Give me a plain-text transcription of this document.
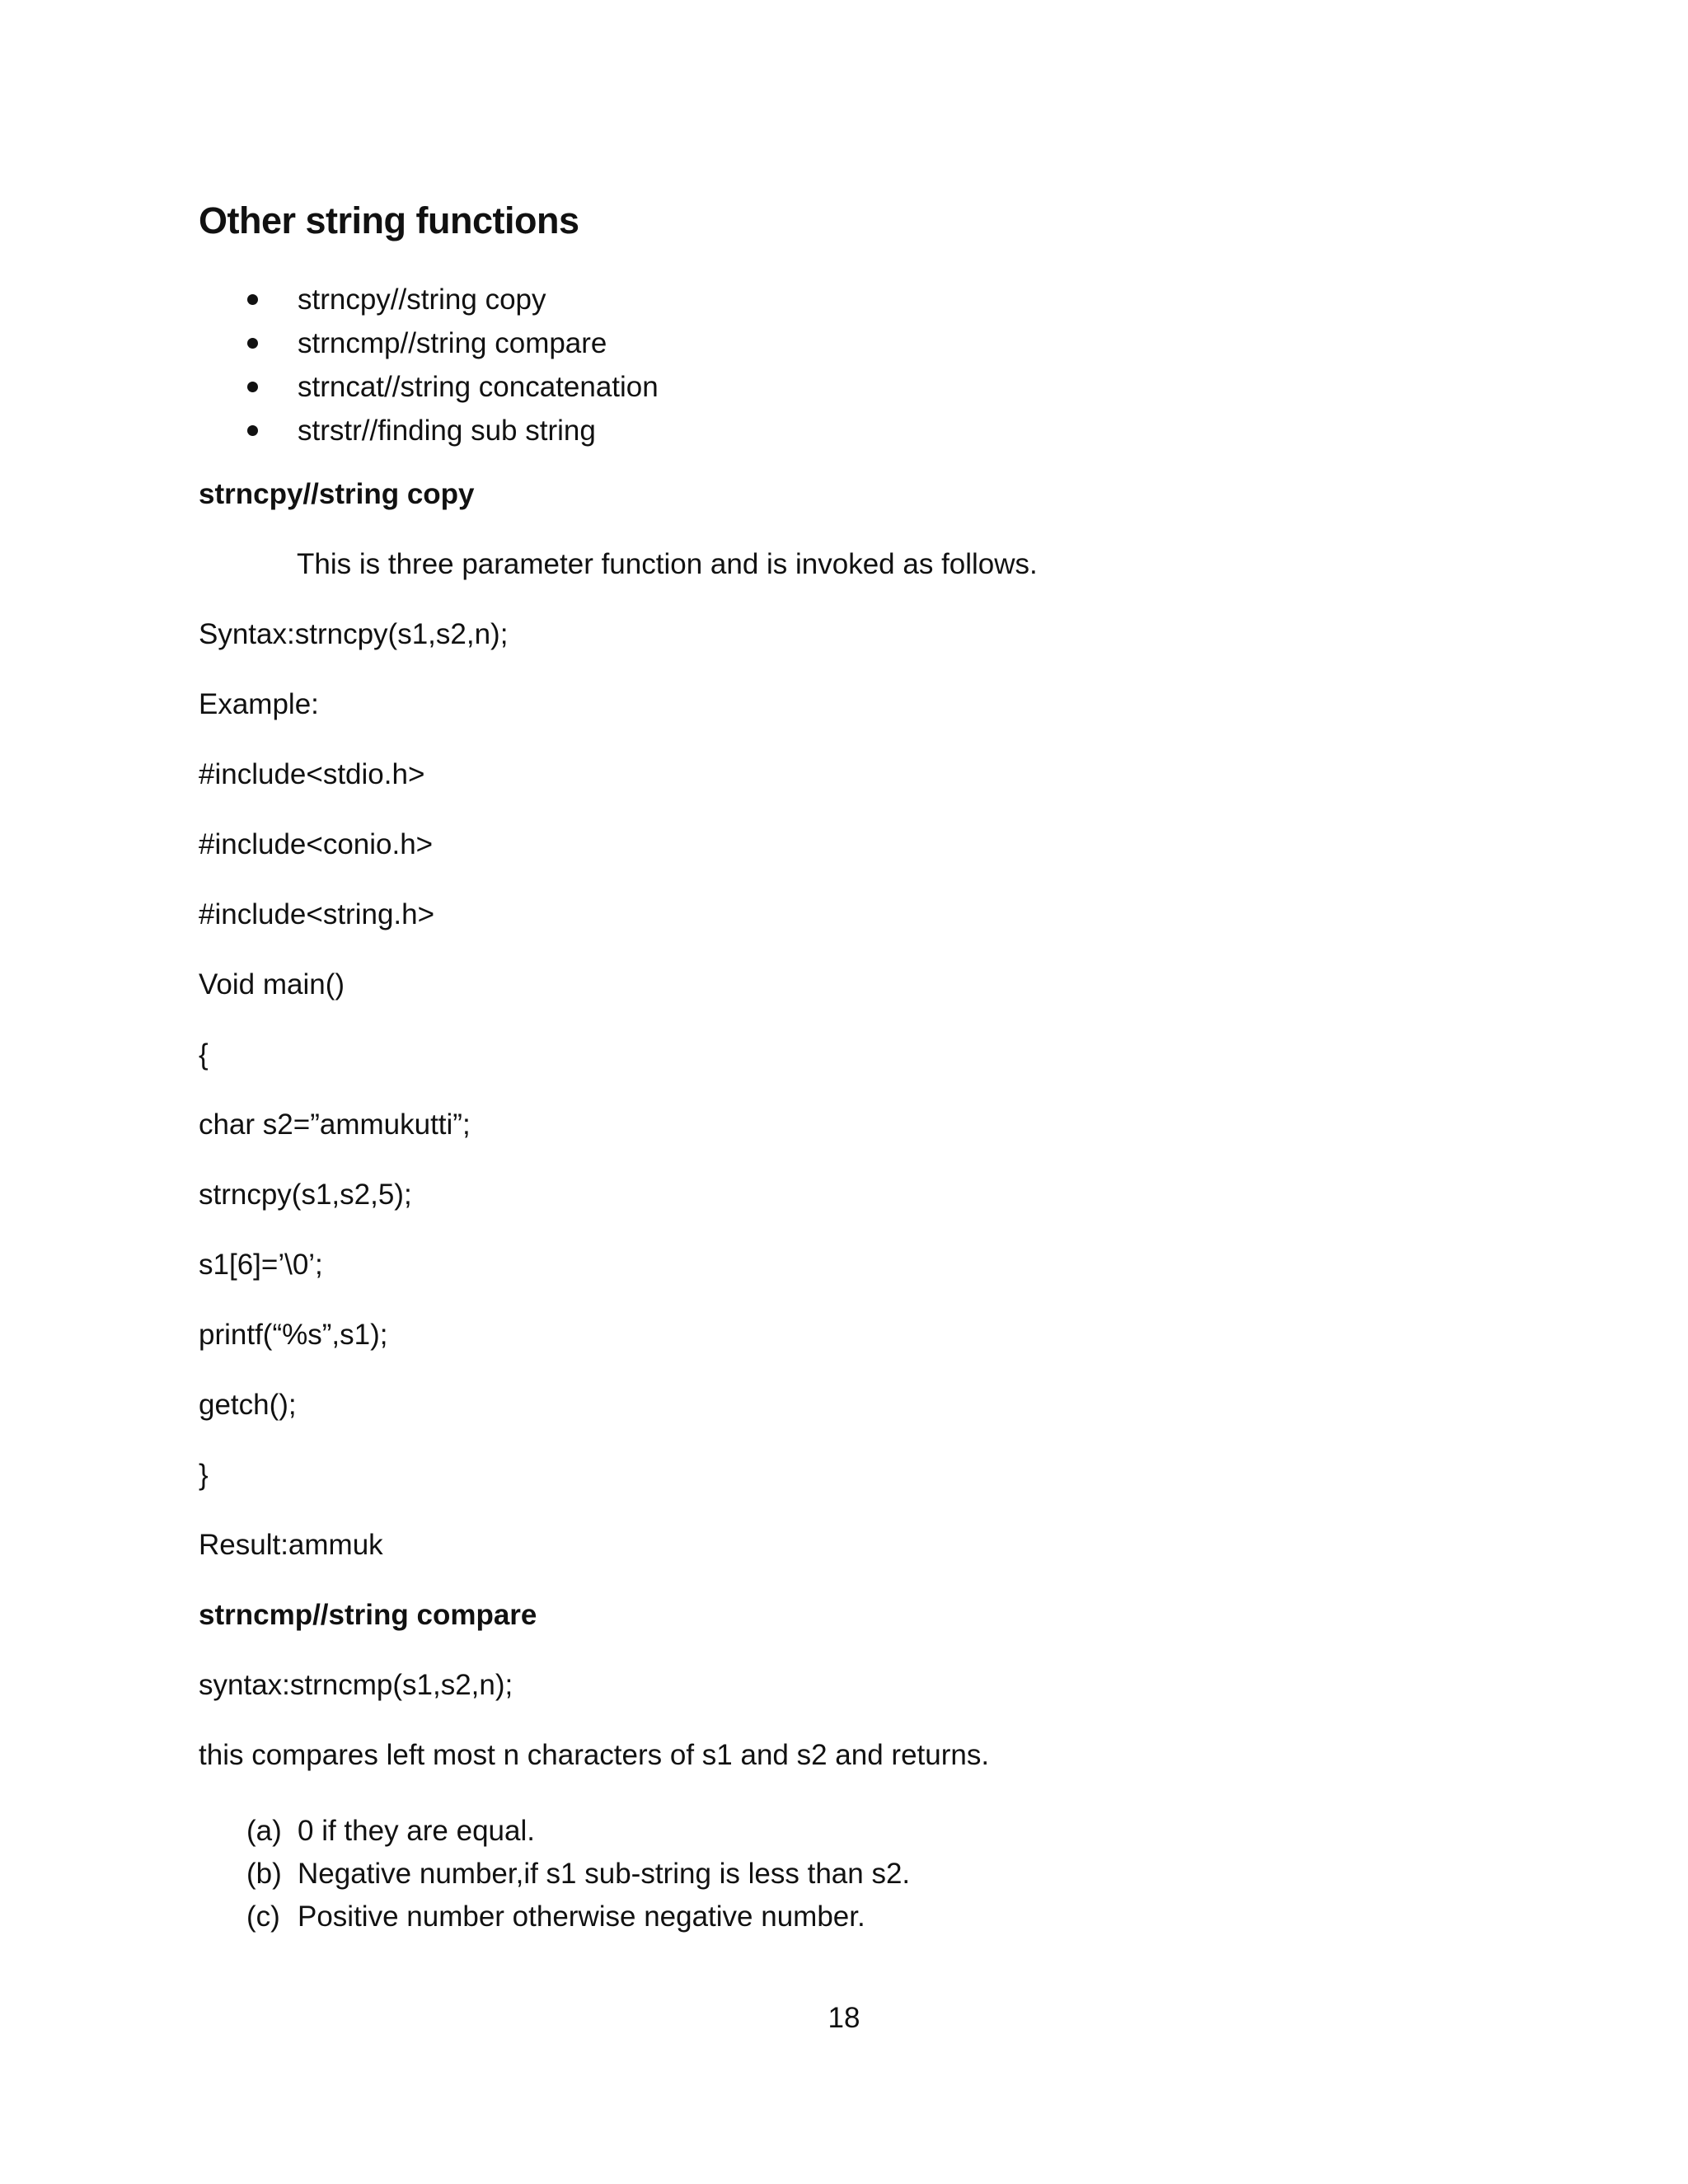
Other string functions
strncpy//string copy
strncmp//string compare
strncat//string concatenation
strstr//finding sub string

strncpy//string copy

This is three parameter function and is invoked as follows.

Syntax:strncpy(s1,s2,n);

Example:

#include<stdio.h>

#include<conio.h>

#include<string.h>

Void main()

{

char s2=”ammukutti”;

strncpy(s1,s2,5);

s1[6]=’\0’;

printf(“%s”,s1);

getch();

}

Result:ammuk

strncmp//string compare

syntax:strncmp(s1,s2,n);

this compares left most n characters of s1 and s2 and returns.

(a) 0 if they are equal.
(b) Negative number,if s1 sub-string is less than s2.
(c) Positive number otherwise negative number.

18
